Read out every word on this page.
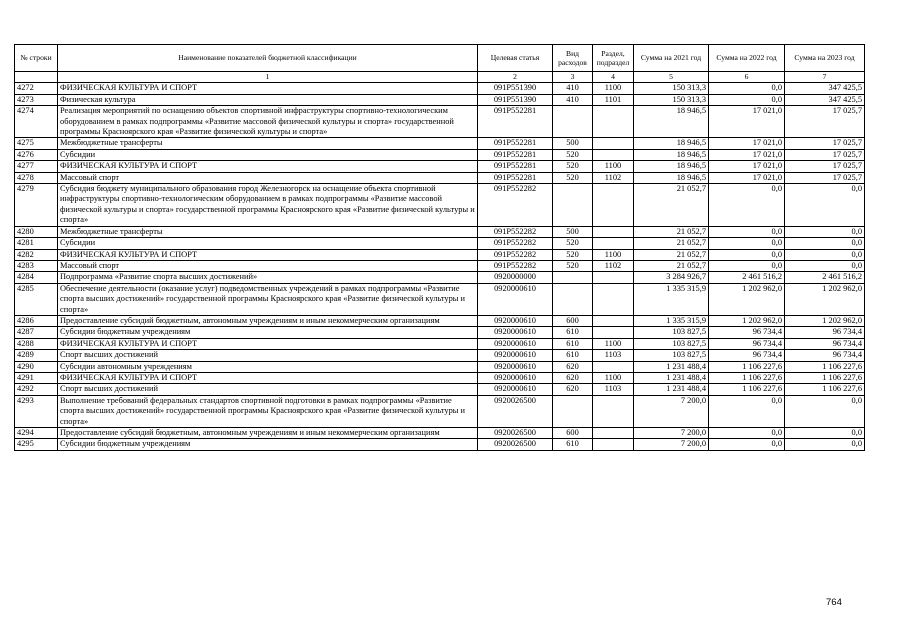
№ строки	Наименование показателей бюджетной классификации	Целевая статья	Вид расходов	Раздел, подраздел	Сумма на 2021 год	Сумма на 2022 год	Сумма на 2023 год
	1	2	3	4	5	6	7
4272	ФИЗИЧЕСКАЯ КУЛЬТУРА И СПОРТ	091P551390	410	1100	150 313,3	0,0	347 425,5
4273	Физическая культура	091P551390	410	1101	150 313,3	0,0	347 425,5
4274	Реализация мероприятий по оснащению объектов спортивной инфраструктуры спортивно-технологическим оборудованием в рамках подпрограммы «Развитие массовой физической культуры и спорта» государственной программы Красноярского края «Развитие физической культуры и спорта»	091P552281			18 946,5	17 021,0	17 025,7
4275	Межбюджетные трансферты	091P552281	500		18 946,5	17 021,0	17 025,7
4276	Субсидии	091P552281	520		18 946,5	17 021,0	17 025,7
4277	ФИЗИЧЕСКАЯ КУЛЬТУРА И СПОРТ	091P552281	520	1100	18 946,5	17 021,0	17 025,7
4278	Массовый спорт	091P552281	520	1102	18 946,5	17 021,0	17 025,7
4279	Субсидия бюджету муниципального образования город Железногорск на оснащение объекта спортивной инфраструктуры спортивно-технологическим оборудованием в рамках подпрограммы «Развитие массовой физической культуры и спорта» государственной программы Красноярского края «Развитие физической культуры и спорта»	091P552282			21 052,7	0,0	0,0
4280	Межбюджетные трансферты	091P552282	500		21 052,7	0,0	0,0
4281	Субсидии	091P552282	520		21 052,7	0,0	0,0
4282	ФИЗИЧЕСКАЯ КУЛЬТУРА И СПОРТ	091P552282	520	1100	21 052,7	0,0	0,0
4283	Массовый спорт	091P552282	520	1102	21 052,7	0,0	0,0
4284	Подпрограмма «Развитие спорта высших достижений»	0920000000			3 284 926,7	2 461 516,2	2 461 516,2
4285	Обеспечение деятельности (оказание услуг) подведомственных учреждений в рамках подпрограммы «Развитие спорта высших достижений» государственной программы Красноярского края «Развитие физической культуры и спорта»	0920000610			1 335 315,9	1 202 962,0	1 202 962,0
4286	Предоставление субсидий бюджетным, автономным учреждениям и иным некоммерческим организациям	0920000610	600		1 335 315,9	1 202 962,0	1 202 962,0
4287	Субсидии бюджетным учреждениям	0920000610	610		103 827,5	96 734,4	96 734,4
4288	ФИЗИЧЕСКАЯ КУЛЬТУРА И СПОРТ	0920000610	610	1100	103 827,5	96 734,4	96 734,4
4289	Спорт высших достижений	0920000610	610	1103	103 827,5	96 734,4	96 734,4
4290	Субсидии автономным учреждениям	0920000610	620		1 231 488,4	1 106 227,6	1 106 227,6
4291	ФИЗИЧЕСКАЯ КУЛЬТУРА И СПОРТ	0920000610	620	1100	1 231 488,4	1 106 227,6	1 106 227,6
4292	Спорт высших достижений	0920000610	620	1103	1 231 488,4	1 106 227,6	1 106 227,6
4293	Выполнение требований федеральных стандартов спортивной подготовки в рамках подпрограммы «Развитие спорта высших достижений» государственной программы Красноярского края «Развитие физической культуры и спорта»	0920026500			7 200,0	0,0	0,0
4294	Предоставление субсидий бюджетным, автономным учреждениям и иным некоммерческим организациям	0920026500	600		7 200,0	0,0	0,0
4295	Субсидии бюджетным учреждениям	0920026500	610		7 200,0	0,0	0,0
764
